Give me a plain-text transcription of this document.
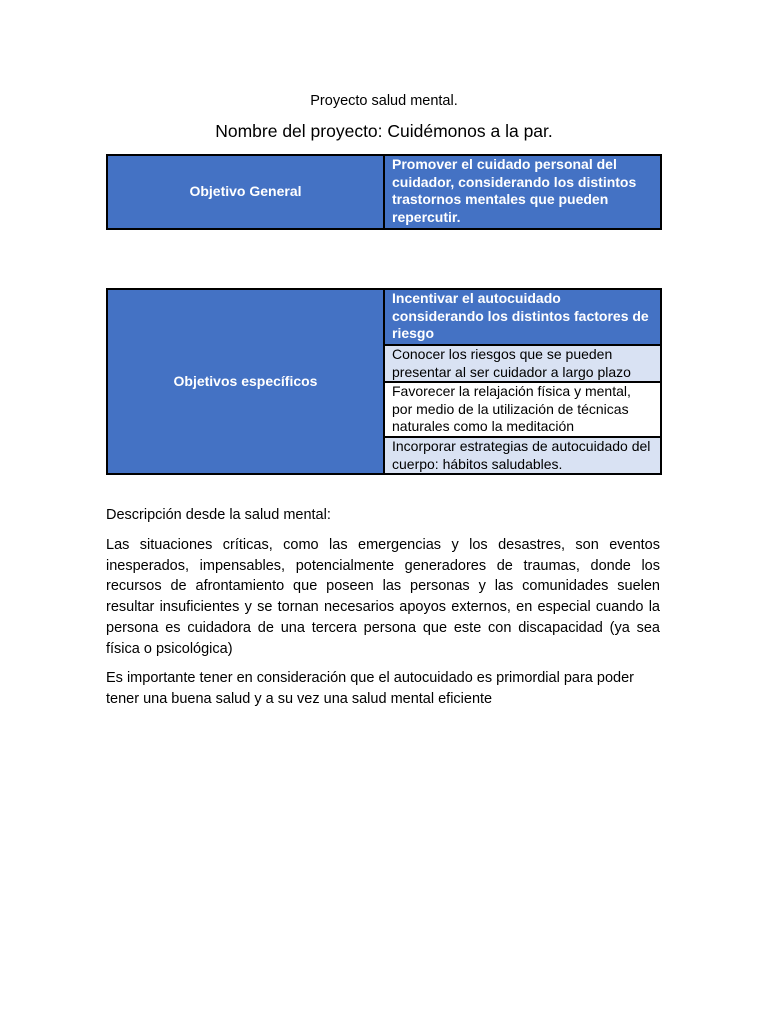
Proyecto salud mental.
Nombre del proyecto: Cuidémonos a la par.
Objetivo General	Promover el cuidado personal del cuidador, considerando los distintos trastornos mentales que pueden repercutir.
Objetivos específicos	Incentivar el autocuidado considerando los distintos factores de riesgo
Conocer los riesgos que se pueden presentar al ser cuidador a largo plazo
Favorecer la relajación física y mental, por medio de la utilización de técnicas naturales como la meditación
Incorporar estrategias de autocuidado del cuerpo: hábitos saludables.
Descripción desde la salud mental:
Las situaciones críticas, como las emergencias y los desastres, son eventos inesperados, impensables, potencialmente generadores de traumas, donde los recursos de afrontamiento que poseen las personas y las comunidades suelen resultar insuficientes y se tornan necesarios apoyos externos, en especial cuando la persona es cuidadora de una tercera persona que este con discapacidad (ya sea física o psicológica)
Es importante tener en consideración que el autocuidado es primordial para poder tener una buena salud y a su vez una salud mental eficiente
